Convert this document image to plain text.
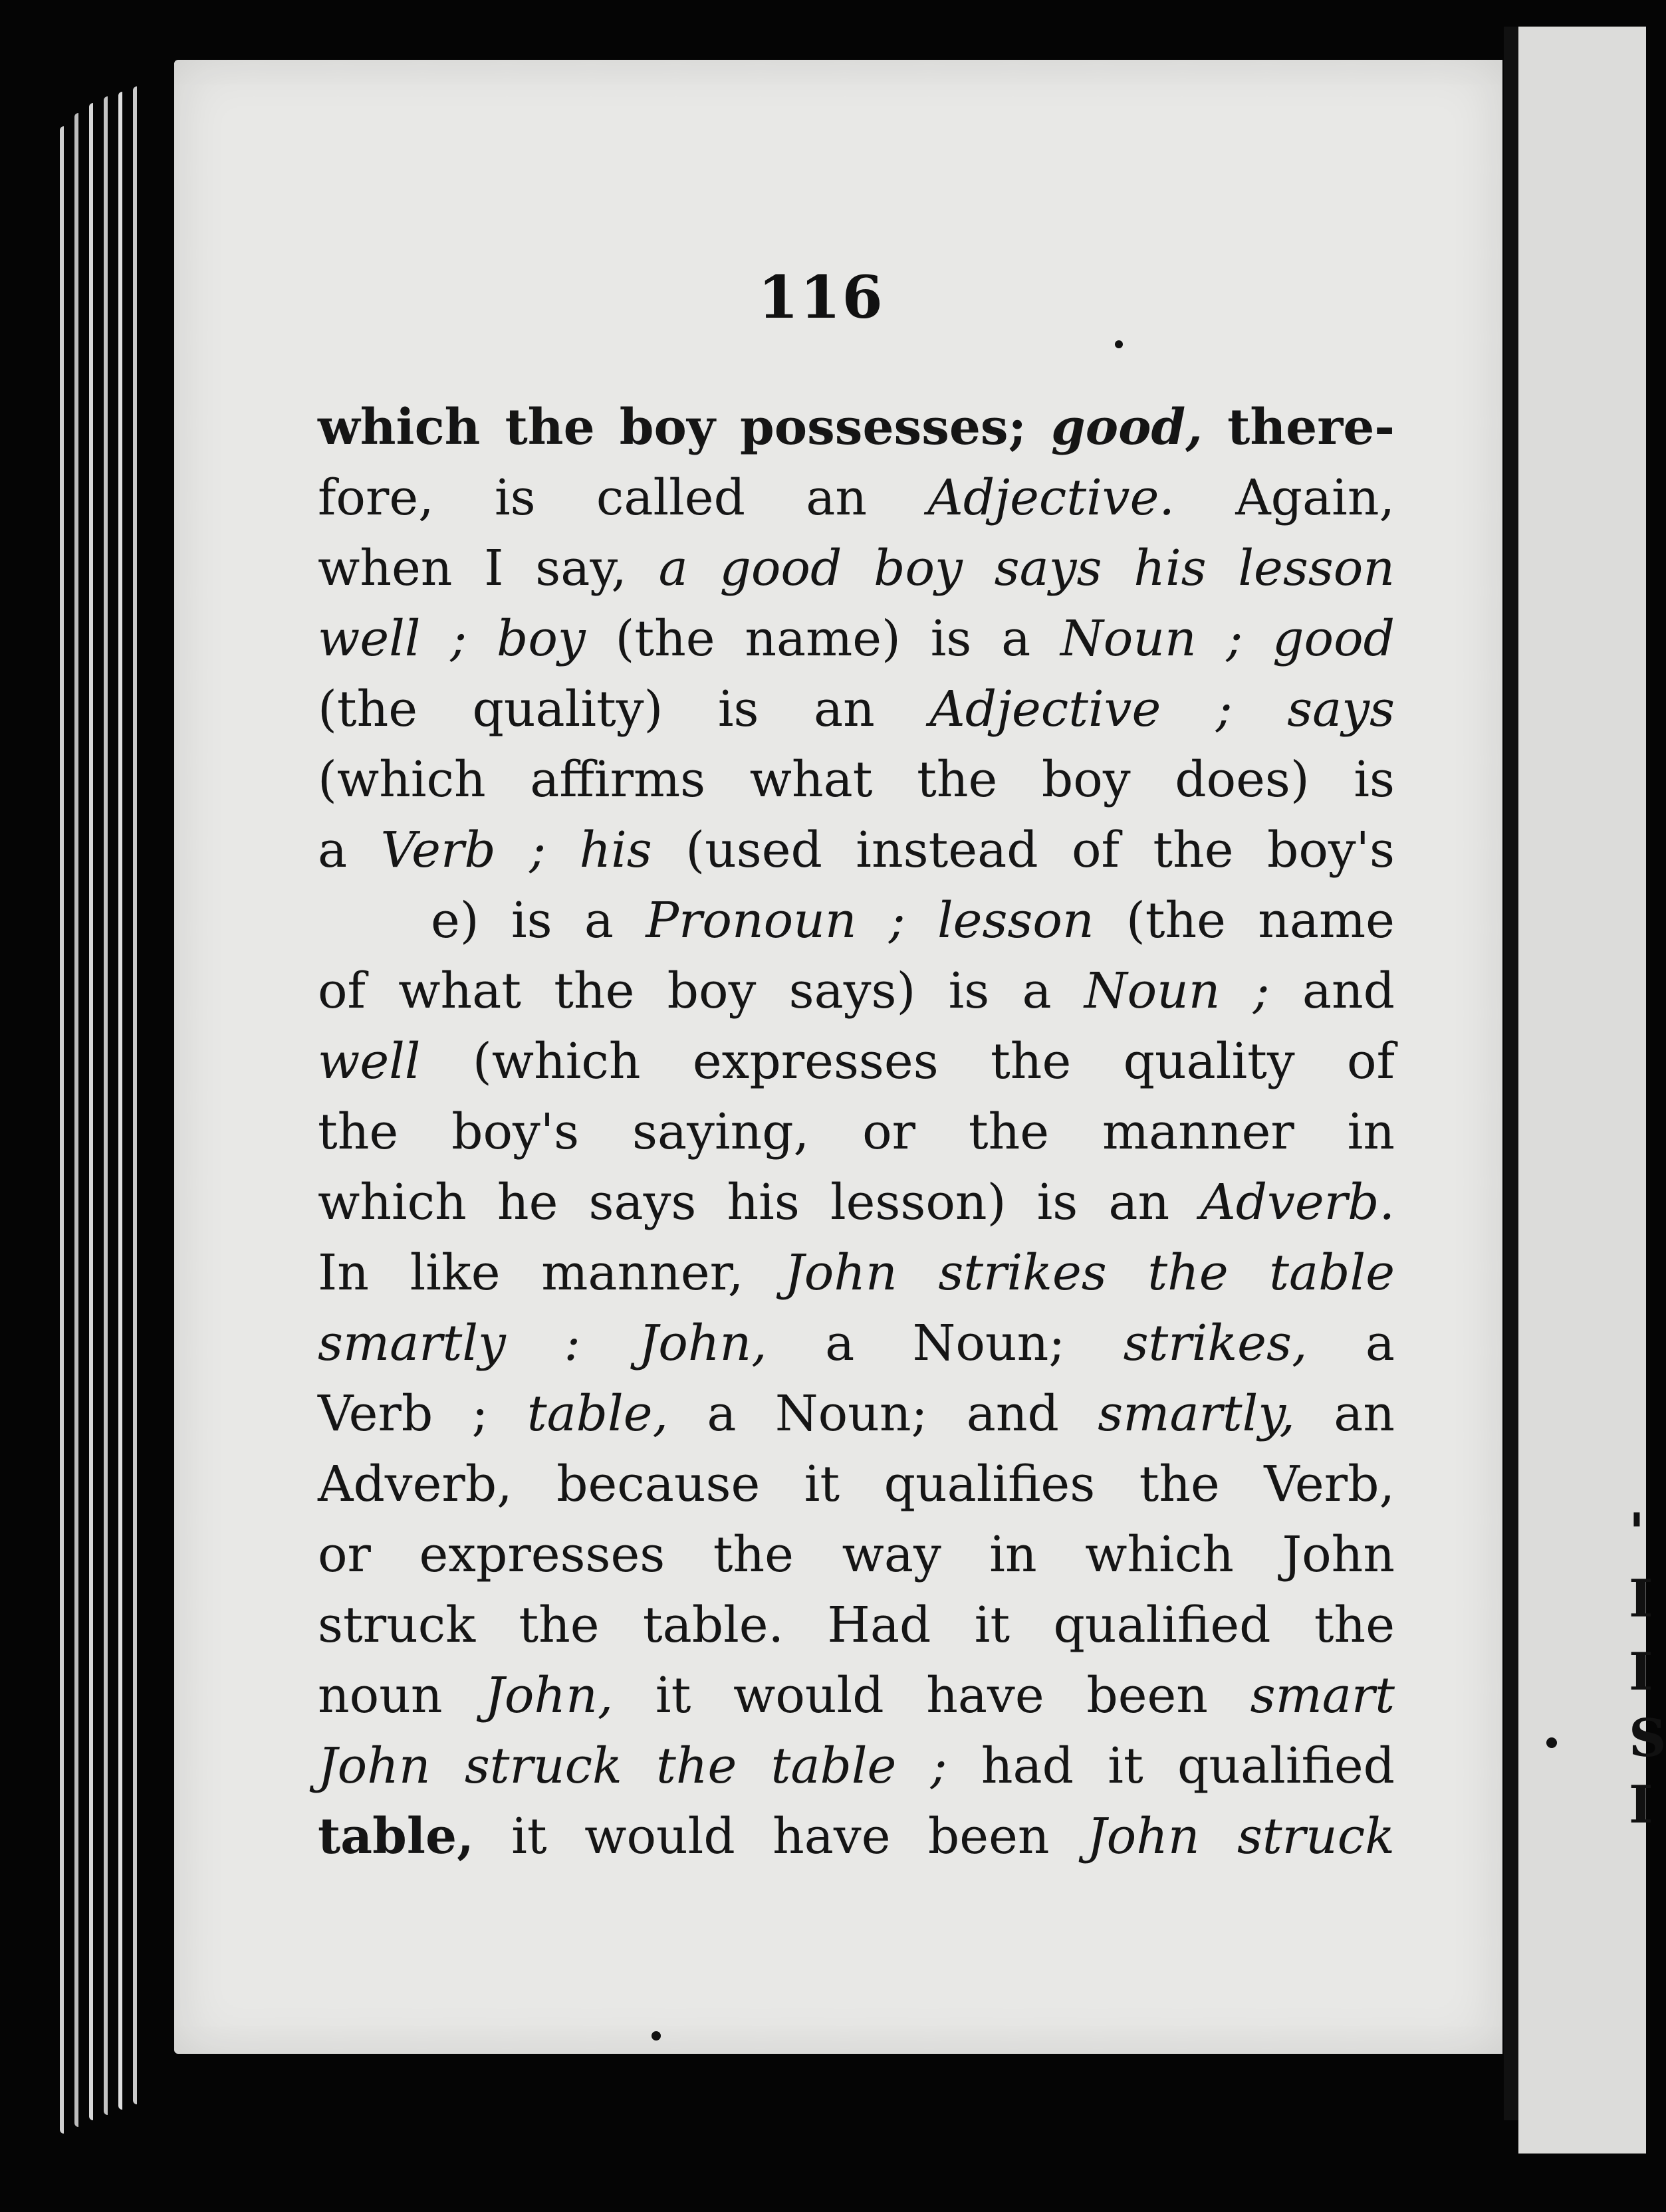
'
I
I
S
I
116
which the boy possesses; good, there-
fore, is called an Adjective. Again,
when I say, a good boy says his lesson
well ; boy (the name) is a Noun ; good
(the quality) is an Adjective ; says
(which affirms what the boy does) is
a Verb ; his (used instead of the boy's
e) is a Pronoun ; lesson (the name
of what the boy says) is a Noun ; and
well (which expresses the quality of
the boy's saying, or the manner in
which he says his lesson) is an Adverb.
In like manner, John strikes the table
smartly : John, a Noun; strikes, a
Verb ; table, a Noun; and smartly, an
Adverb, because it qualifies the Verb,
or expresses the way in which John
struck the table. Had it qualified the
noun John, it would have been smart
John struck the table ; had it qualified
table, it would have been John struck
